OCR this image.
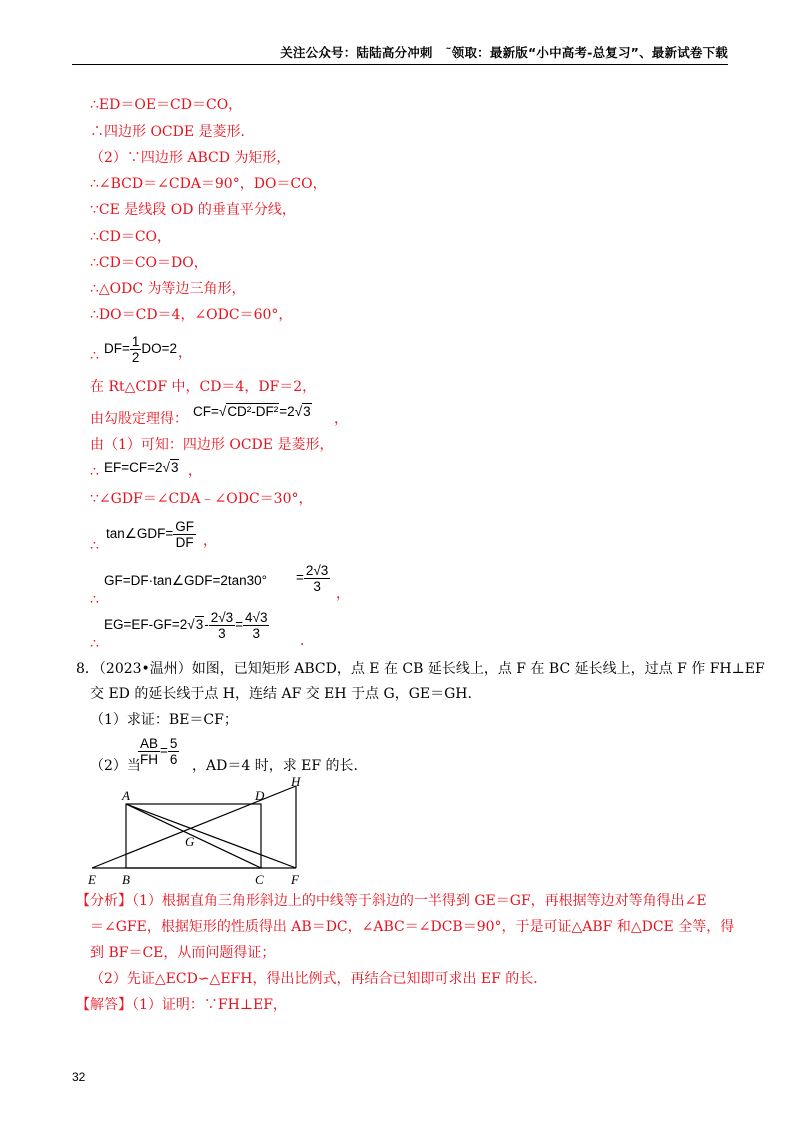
关注公众号：陆陆高分冲刺　˜领取：最新版“小中高考-总复习”、最新试卷下载
∴ED＝OE＝CD＝CO，
∴四边形 OCDE 是菱形．
（2）∵四边形 ABCD 为矩形，
∴∠BCD＝∠CDA＝90°，DO＝CO，
∵CE 是线段 OD 的垂直平分线，
∴CD＝CO，
∴CD＝CO＝DO，
∴△ODC 为等边三角形，
∴DO＝CD＝4，∠ODC＝60°，
∴ $DF= \frac{1}{2} DO=2$ ，
在 Rt△CDF 中，CD＝4，DF＝2，
由勾股定理得： CF=√CD²-DF²=2√3 ，
由（1）可知：四边形 OCDE 是菱形，
∴ EF=CF=2√3 ，
∵∠GDF＝∠CDA﹣∠ODC＝30°，
∴
tan∠GDF= $\frac{GF}{DF}$ ，
∴
GF=DF·tan∠GDF=2tan30° = $\frac{2√3}{3}$ ，
∴
$EG=EF-GF=2√3- \frac{2√3}{3} = \frac{4√3}{3}$ ．
8．（2023•温州）如图，已知矩形 ABCD，点 E 在 CB 延长线上，点 F 在 BC 延长线上，过点 F 作 FH⊥EF
交 ED 的延长线于点 H，连结 AF 交 EH 于点 G，GE＝GH．
（1）求证：BE＝CF；
（2）当
$\frac{AB}{FH} = \frac{5}{6}$ ，AD＝4 时，求 EF 的长．
A
B	C
D
E	F
G
H
【分析】（1）根据直角三角形斜边上的中线等于斜边的一半得到 GE＝GF，再根据等边对等角得出∠E
＝∠GFE，根据矩形的性质得出 AB＝DC，∠ABC＝∠DCB＝90°，于是可证△ABF 和△DCE 全等，得
到 BF＝CE，从而问题得证；
（2）先证△ECD∽△EFH，得出比例式，再结合已知即可求出 EF 的长．
【解答】（1）证明：∵FH⊥EF，
32
